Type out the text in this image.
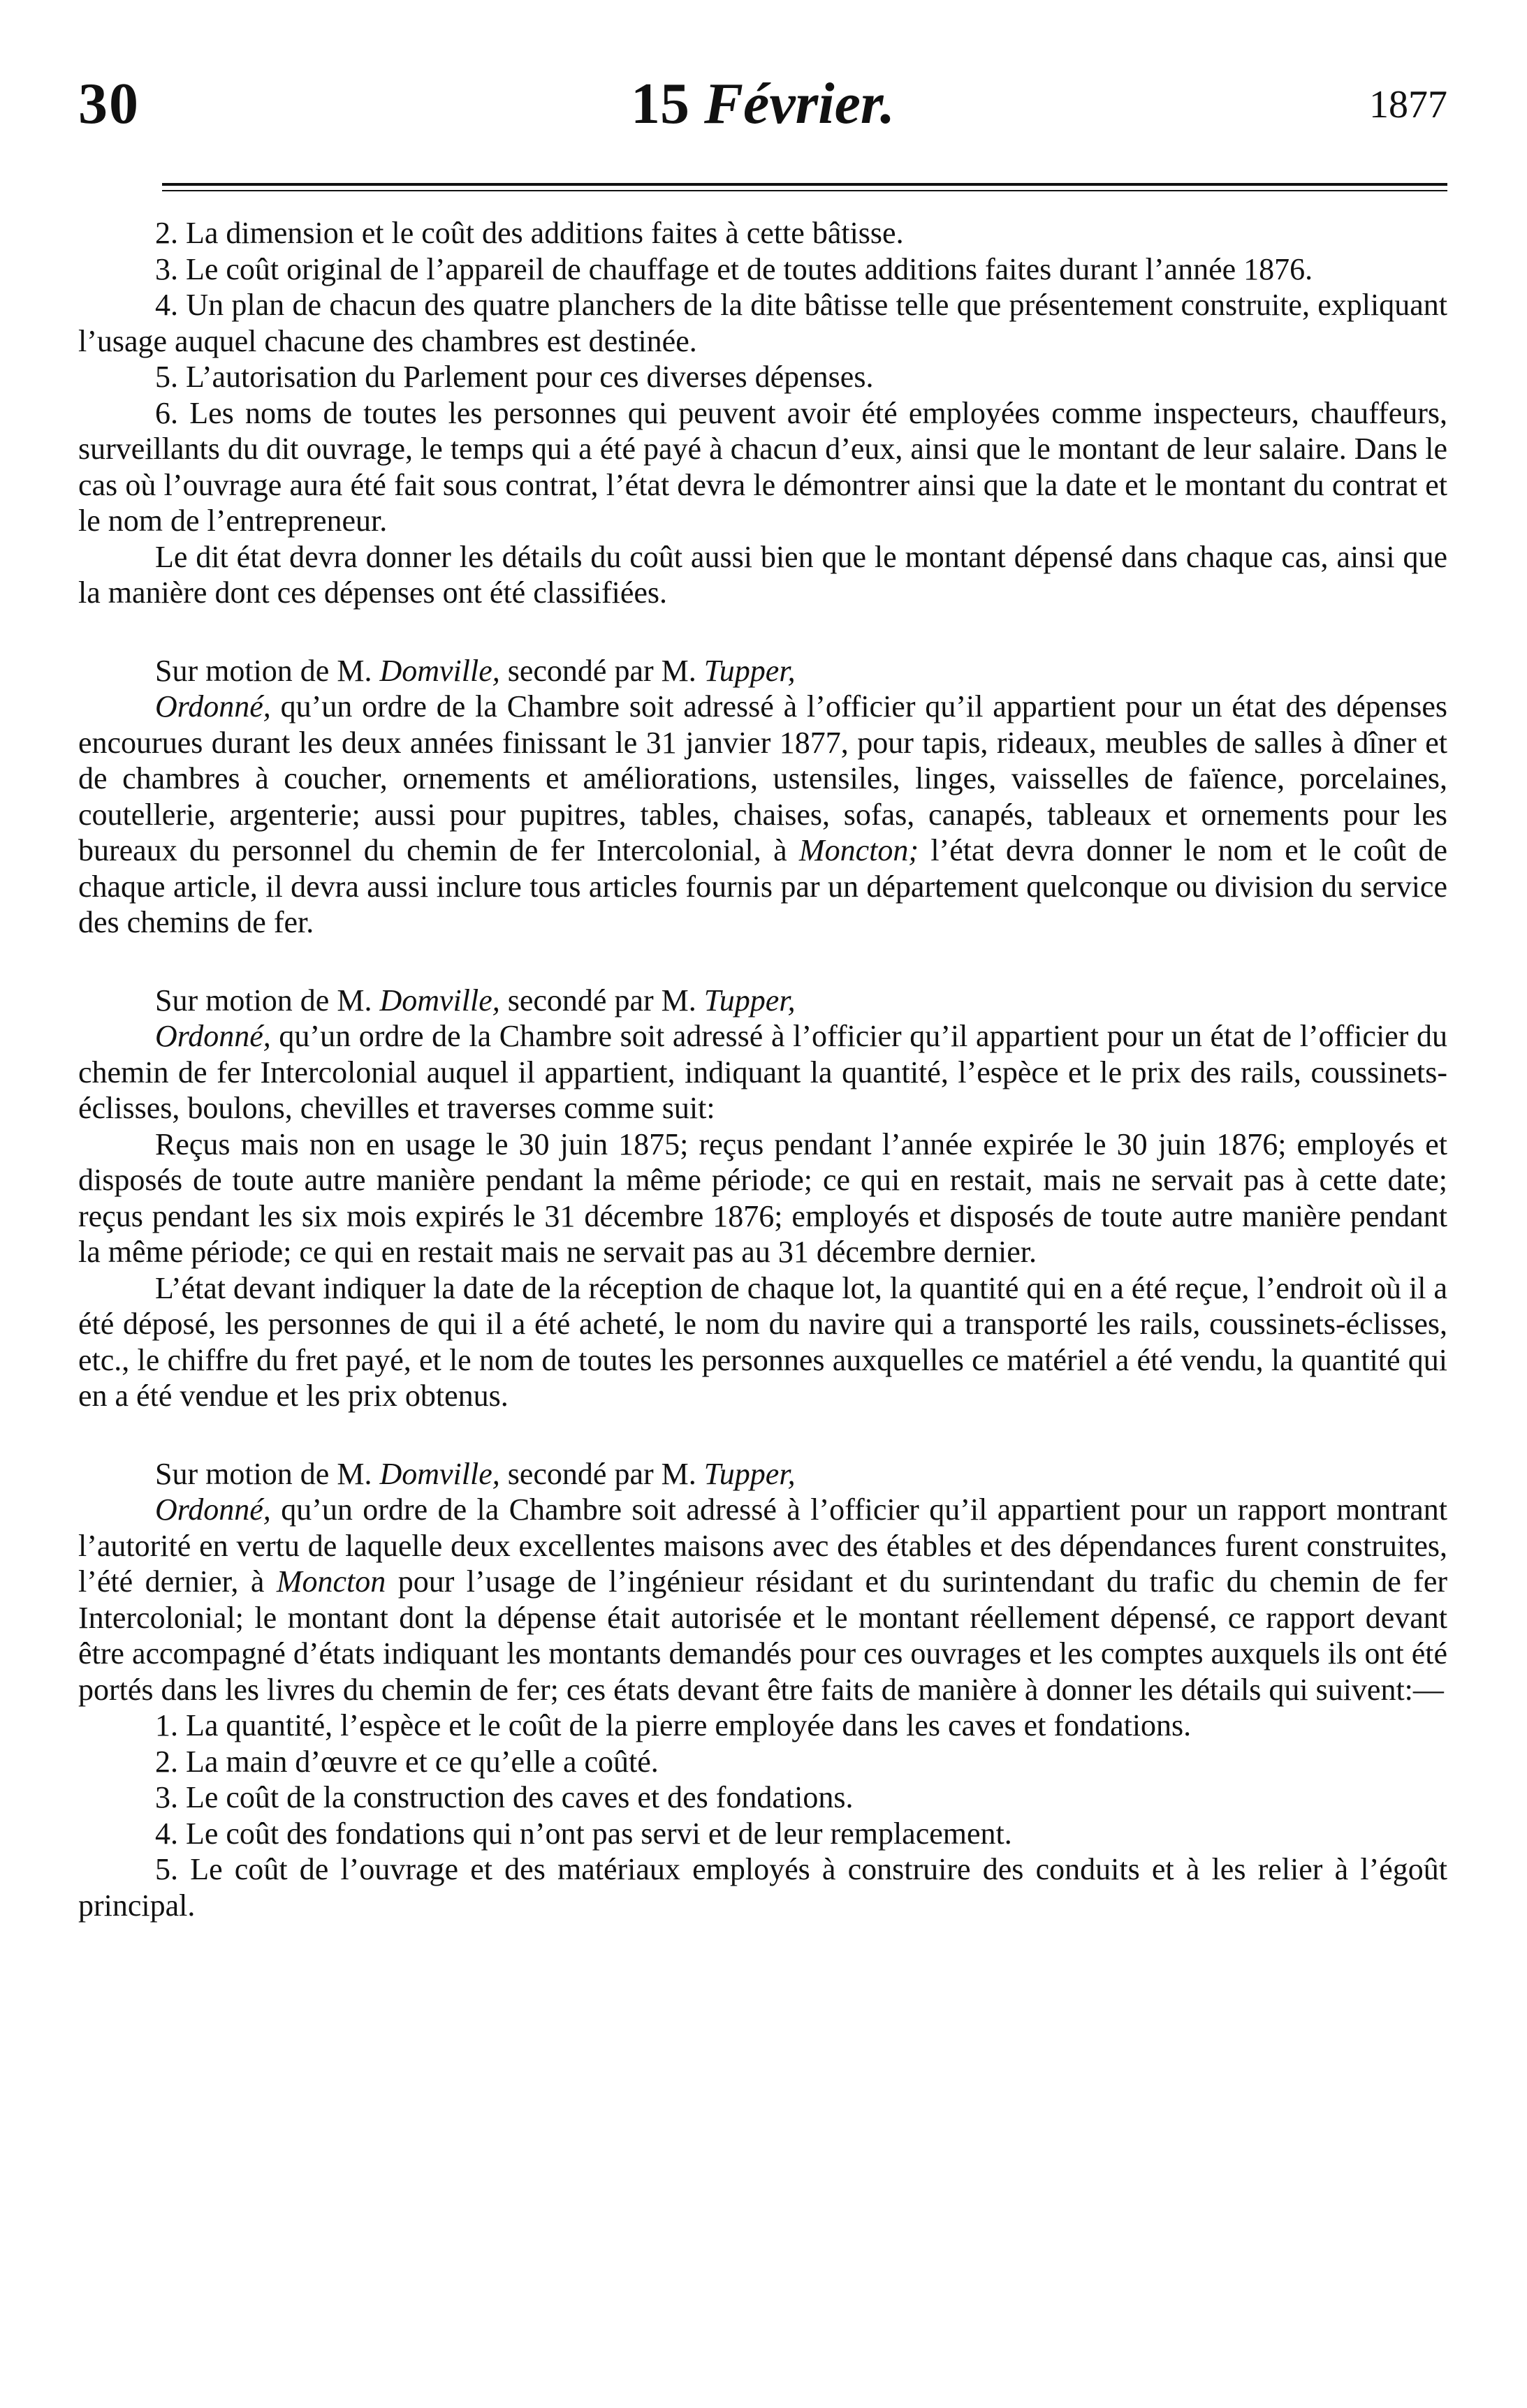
30	15 Février.	1877

2. La dimension et le coût des additions faites à cette bâtisse.

3. Le coût original de l’appareil de chauffage et de toutes additions faites durant l’année 1876.

4. Un plan de chacun des quatre planchers de la dite bâtisse telle que présentement construite, expliquant l’usage auquel chacune des chambres est destinée.

5. L’autorisation du Parlement pour ces diverses dépenses.

6. Les noms de toutes les personnes qui peuvent avoir été employées comme inspecteurs, chauffeurs, surveillants du dit ouvrage, le temps qui a été payé à chacun d’eux, ainsi que le montant de leur salaire. Dans le cas où l’ouvrage aura été fait sous contrat, l’état devra le démontrer ainsi que la date et le montant du contrat et le nom de l’entrepreneur.

Le dit état devra donner les détails du coût aussi bien que le montant dépensé dans chaque cas, ainsi que la manière dont ces dépenses ont été classifiées.

Sur motion de M. Domville, secondé par M. Tupper,

Ordonné, qu’un ordre de la Chambre soit adressé à l’officier qu’il appartient pour un état des dépenses encourues durant les deux années finissant le 31 janvier 1877, pour tapis, rideaux, meubles de salles à dîner et de chambres à coucher, ornements et améliorations, ustensiles, linges, vaisselles de faïence, porcelaines, coutellerie, argenterie; aussi pour pupitres, tables, chaises, sofas, canapés, tableaux et ornements pour les bureaux du personnel du chemin de fer Intercolonial, à Moncton; l’état devra donner le nom et le coût de chaque article, il devra aussi inclure tous articles fournis par un département quelconque ou division du service des chemins de fer.

Sur motion de M. Domville, secondé par M. Tupper,

Ordonné, qu’un ordre de la Chambre soit adressé à l’officier qu’il appartient pour un état de l’officier du chemin de fer Intercolonial auquel il appartient, indiquant la quantité, l’espèce et le prix des rails, coussinets-éclisses, boulons, chevilles et traverses comme suit:

Reçus mais non en usage le 30 juin 1875; reçus pendant l’année expirée le 30 juin 1876; employés et disposés de toute autre manière pendant la même période; ce qui en restait, mais ne servait pas à cette date; reçus pendant les six mois expirés le 31 décembre 1876; employés et disposés de toute autre manière pendant la même période; ce qui en restait mais ne servait pas au 31 décembre dernier.

L’état devant indiquer la date de la réception de chaque lot, la quantité qui en a été reçue, l’endroit où il a été déposé, les personnes de qui il a été acheté, le nom du navire qui a transporté les rails, coussinets-éclisses, etc., le chiffre du fret payé, et le nom de toutes les personnes auxquelles ce matériel a été vendu, la quantité qui en a été vendue et les prix obtenus.

Sur motion de M. Domville, secondé par M. Tupper,

Ordonné, qu’un ordre de la Chambre soit adressé à l’officier qu’il appartient pour un rapport montrant l’autorité en vertu de laquelle deux excellentes maisons avec des étables et des dépendances furent construites, l’été dernier, à Moncton pour l’usage de l’ingénieur résidant et du surintendant du trafic du chemin de fer Intercolonial; le montant dont la dépense était autorisée et le montant réellement dépensé, ce rapport devant être accompagné d’états indiquant les montants demandés pour ces ouvrages et les comptes auxquels ils ont été portés dans les livres du chemin de fer; ces états devant être faits de manière à donner les détails qui suivent:—

1. La quantité, l’espèce et le coût de la pierre employée dans les caves et fondations.

2. La main d’œuvre et ce qu’elle a coûté.

3. Le coût de la construction des caves et des fondations.

4. Le coût des fondations qui n’ont pas servi et de leur remplacement.

5. Le coût de l’ouvrage et des matériaux employés à construire des conduits et à les relier à l’égoût principal.
